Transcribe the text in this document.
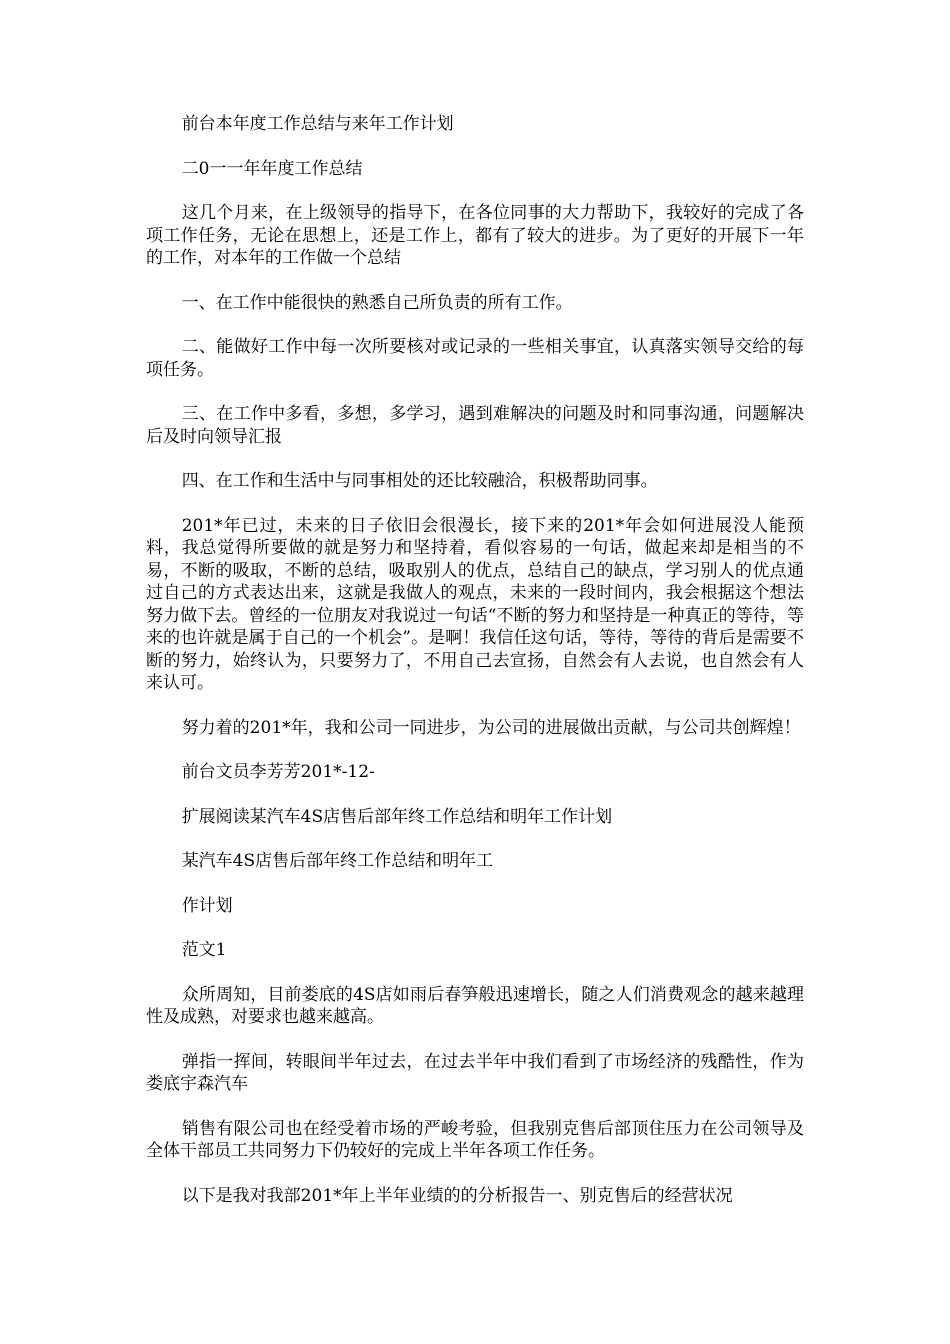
前台本年度工作总结与来年工作计划

二0一一年年度工作总结

这几个月来，在上级领导的指导下，在各位同事的大力帮助下，我较好的完成了各项工作任务，无论在思想上，还是工作上，都有了较大的进步。为了更好的开展下一年的工作，对本年的工作做一个总结

一、在工作中能很快的熟悉自己所负责的所有工作。

二、能做好工作中每一次所要核对或记录的一些相关事宜，认真落实领导交给的每项任务。

三、在工作中多看，多想，多学习，遇到难解决的问题及时和同事沟通，问题解决后及时向领导汇报

四、在工作和生活中与同事相处的还比较融洽，积极帮助同事。

201*年已过，未来的日子依旧会很漫长，接下来的201*年会如何进展没人能预料，我总觉得所要做的就是努力和坚持着，看似容易的一句话，做起来却是相当的不易，不断的吸取，不断的总结，吸取别人的优点，总结自己的缺点，学习别人的优点通过自己的方式表达出来，这就是我做人的观点，未来的一段时间内，我会根据这个想法努力做下去。曾经的一位朋友对我说过一句话“不断的努力和坚持是一种真正的等待，等来的也许就是属于自己的一个机会”。是啊！我信任这句话，等待，等待的背后是需要不断的努力，始终认为，只要努力了，不用自己去宣扬，自然会有人去说，也自然会有人来认可。

努力着的201*年，我和公司一同进步，为公司的进展做出贡献，与公司共创辉煌！

前台文员李芳芳201*-12-

扩展阅读某汽车4S店售后部年终工作总结和明年工作计划

某汽车4S店售后部年终工作总结和明年工

作计划

范文1

众所周知，目前娄底的4S店如雨后春笋般迅速增长，随之人们消费观念的越来越理性及成熟，对要求也越来越高。

弹指一挥间，转眼间半年过去，在过去半年中我们看到了市场经济的残酷性，作为娄底宇森汽车

销售有限公司也在经受着市场的严峻考验，但我别克售后部顶住压力在公司领导及全体干部员工共同努力下仍较好的完成上半年各项工作任务。

以下是我对我部201*年上半年业绩的的分析报告一、别克售后的经营状况
